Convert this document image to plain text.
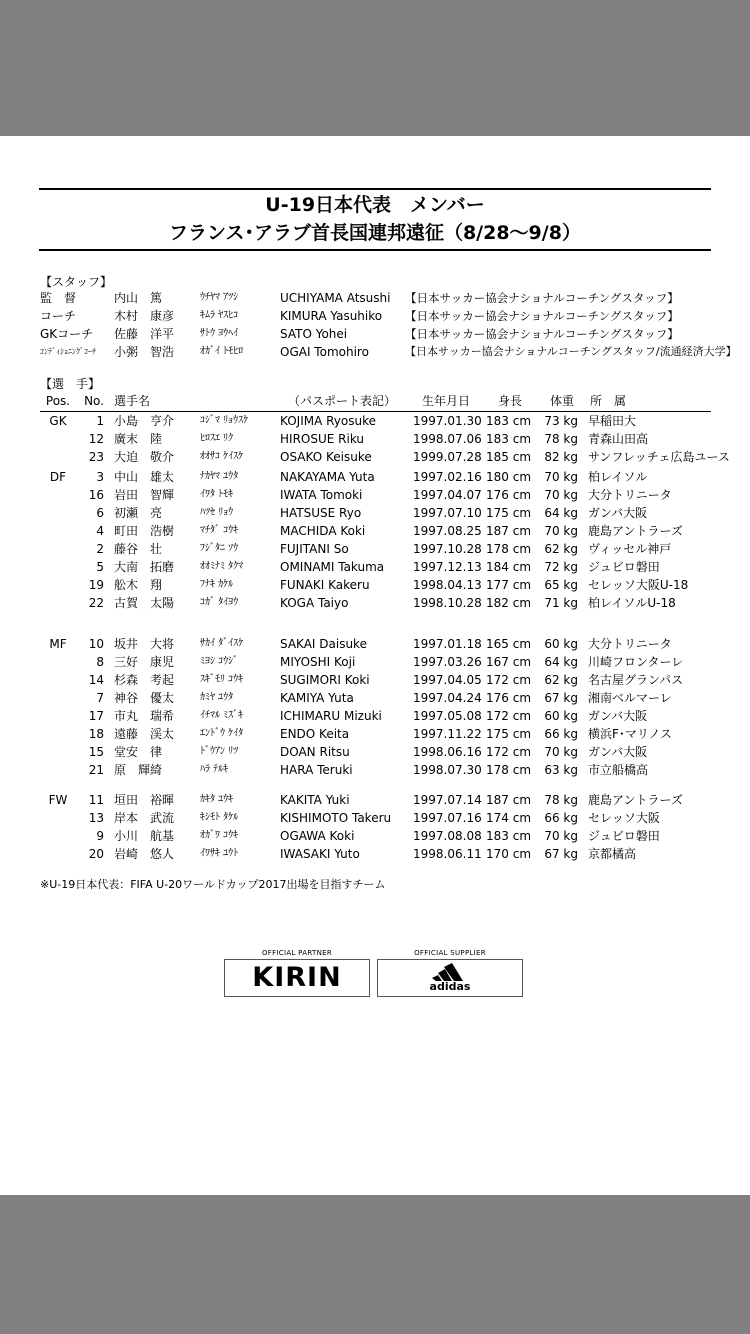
U-19日本代表　メンバー
フランス･アラブ首長国連邦遠征（8/28〜9/8）
【スタッフ】
監　督	内山　篤	ｳﾁﾔﾏ ｱﾂｼ	UCHIYAMA Atsushi 【日本サッカー協会ナショナルコーチングスタッフ】
コーチ	木村　康彦	ｷﾑﾗ ﾔｽﾋｺ	KIMURA Yasuhiko 【日本サッカー協会ナショナルコーチングスタッフ】
GKコーチ 佐藤　洋平	ｻﾄｳ ﾖｳﾍｲ	SATO Yohei	【日本サッカー協会ナショナルコーチングスタッフ】
ｺﾝﾃﾞｨｼｮﾆﾝｸﾞｺｰﾁ 小粥　智浩	ｵｶﾞｲ ﾄﾓﾋﾛ	OGAI Tomohiro	【日本サッカー協会ナショナルコーチングスタッフ/流通経済大学】
【選　手】
Pos.	No. 選手名	（パスポート表記） 生年月日 身長 体重 所　属
GK	1 小島　亨介	ｺｼﾞﾏ ﾘｮｳｽｹ	KOJIMA Ryosuke	1997.01.30 183 cm	73 kg 早稲田大
12 廣末　陸	ﾋﾛｽｴ ﾘｸ	HIROSUE Riku	1998.07.06 183 cm	78 kg 青森山田高
23 大迫　敬介	ｵｵｻｺ ｹｲｽｹ	OSAKO Keisuke	1999.07.28 185 cm	82 kg サンフレッチェ広島ユース
DF	3 中山　雄太	ﾅｶﾔﾏ ﾕｳﾀ	NAKAYAMA Yuta	1997.02.16 180 cm	70 kg 柏レイソル
16 岩田　智輝	ｲﾜﾀ ﾄﾓｷ	IWATA Tomoki	1997.04.07 176 cm	70 kg 大分トリニータ
6 初瀬　亮	ﾊﾂｾ ﾘｮｳ	HATSUSE Ryo	1997.07.10 175 cm	64 kg ガンバ大阪
4 町田　浩樹	ﾏﾁﾀﾞ ｺｳｷ	MACHIDA Koki	1997.08.25 187 cm	70 kg 鹿島アントラーズ
2 藤谷　壮	ﾌｼﾞﾀﾆ ｿｳ	FUJITANI So	1997.10.28 178 cm	62 kg ヴィッセル神戸
5 大南　拓磨	ｵｵﾐﾅﾐ ﾀｸﾏ	OMINAMI Takuma 1997.12.13 184 cm	72 kg ジュビロ磐田
19 舩木　翔	ﾌﾅｷ ｶｹﾙ	FUNAKI Kakeru	1998.04.13 177 cm	65 kg セレッソ大阪U-18
22 古賀　太陽	ｺｶﾞ ﾀｲﾖｳ	KOGA Taiyo	1998.10.28 182 cm	71 kg 柏レイソルU-18
MF	10 坂井　大将	ｻｶｲ ﾀﾞｲｽｹ	SAKAI Daisuke	1997.01.18 165 cm	60 kg 大分トリニータ
8 三好　康児	ﾐﾖｼ ｺｳｼﾞ	MIYOSHI Koji	1997.03.26 167 cm	64 kg 川崎フロンターレ
14 杉森　考起	ｽｷﾞﾓﾘ ｺｳｷ	SUGIMORI Koki	1997.04.05 172 cm	62 kg 名古屋グランパス
7 神谷　優太	ｶﾐﾔ ﾕｳﾀ	KAMIYA Yuta	1997.04.24 176 cm	67 kg 湘南ベルマーレ
17 市丸　瑞希	ｲﾁﾏﾙ ﾐｽﾞｷ	ICHIMARU Mizuki	1997.05.08 172 cm	60 kg ガンバ大阪
18 遠藤　渓太	ｴﾝﾄﾞｳ ｹｲﾀ	ENDO Keita	1997.11.22 175 cm	66 kg 横浜F･マリノス
15 堂安　律	ﾄﾞｳｱﾝ ﾘﾂ	DOAN Ritsu	1998.06.16 172 cm	70 kg ガンバ大阪
21 原　輝綺	ﾊﾗ ﾃﾙｷ	HARA Teruki	1998.07.30 178 cm	63 kg 市立船橋高
FW	11 垣田　裕暉	ｶｷﾀ ﾕｳｷ	KAKITA Yuki	1997.07.14 187 cm	78 kg 鹿島アントラーズ
13 岸本　武流	ｷｼﾓﾄ ﾀｹﾙ	KISHIMOTO Takeru 1997.07.16 174 cm	66 kg セレッソ大阪
9 小川　航基	ｵｶﾞﾜ ｺｳｷ	OGAWA Koki	1997.08.08 183 cm	70 kg ジュビロ磐田
20 岩崎　悠人	ｲﾜｻｷ ﾕｳﾄ	IWASAKI Yuto	1998.06.11 170 cm	67 kg 京都橘高
※U-19日本代表：FIFA U-20ワールドカップ2017出場を目指すチーム
OFFICIAL PARTNER
KIRIN
OFFICIAL SUPPLIER
adidas
